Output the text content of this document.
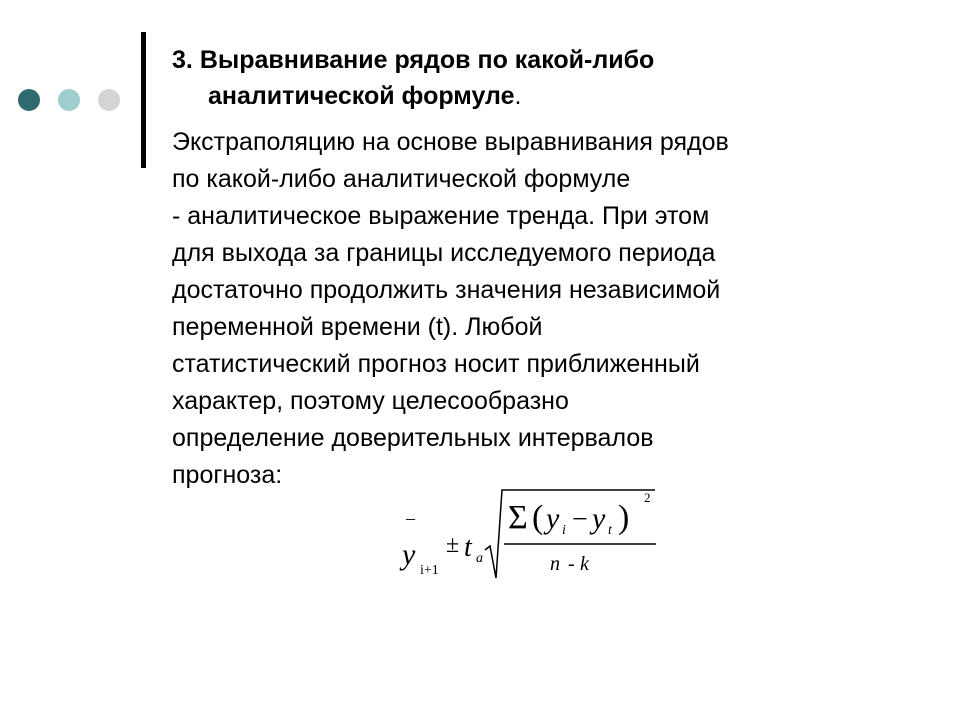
3. Выравнивание рядов по какой-либо
аналитической формуле.

Экстраполяцию на основе выравнивания рядов
по какой-либо аналитической формуле
- аналитическое выражение тренда. При этом
для выхода за границы исследуемого периода
достаточно продолжить значения независимой
переменной времени (t). Любой
статистический прогноз носит приближенный
характер, поэтому целесообразно
определение доверительных интервалов
прогноза:

–
y i+1
± t a
Σ ( y i − y t )
2
n - k
